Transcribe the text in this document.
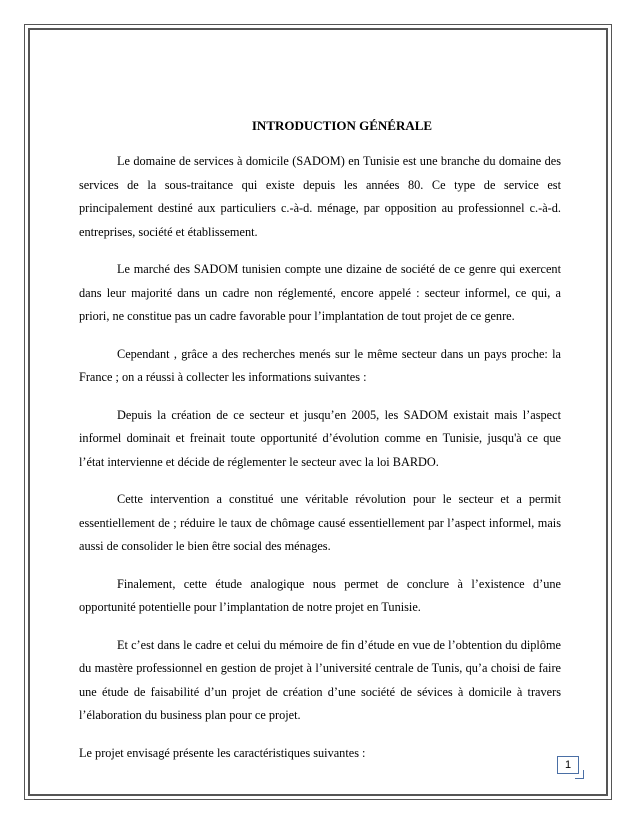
INTRODUCTION GÉNÉRALE

Le domaine de services à domicile (SADOM) en Tunisie est une branche du domaine des services de la sous-traitance qui existe depuis les années 80. Ce type de service est principalement destiné aux particuliers c.-à-d. ménage, par opposition au professionnel c.-à-d. entreprises, société et établissement.

Le marché des SADOM tunisien compte une dizaine de société de ce genre qui exercent dans leur majorité dans un cadre non réglementé, encore appelé : secteur informel, ce qui, a priori, ne constitue pas un cadre favorable pour l’implantation de tout projet de ce genre.

Cependant , grâce a des recherches menés sur le même secteur dans un pays proche: la France ; on a réussi à collecter les informations suivantes :

Depuis la création de ce secteur et jusqu’en 2005, les SADOM existait mais l’aspect informel dominait et freinait toute opportunité d’évolution comme en Tunisie, jusqu'à ce que l’état intervienne et décide de réglementer le secteur avec la loi BARDO.

Cette intervention a constitué une véritable révolution pour le secteur et a permit essentiellement de ; réduire le taux de chômage causé essentiellement par l’aspect informel, mais aussi de consolider le bien être social des ménages.

Finalement, cette étude analogique nous permet de conclure à l’existence d’une opportunité potentielle pour l’implantation de notre projet en Tunisie.

Et c’est dans le cadre et celui du mémoire de fin d’étude en vue de l’obtention du diplôme du mastère professionnel en gestion de projet à l’université centrale de Tunis, qu’a choisi de faire une étude de faisabilité d’un projet de création d’une société de sévices à domicile à travers l’élaboration du business plan pour ce projet.

Le projet envisagé présente les caractéristiques suivantes :

1
